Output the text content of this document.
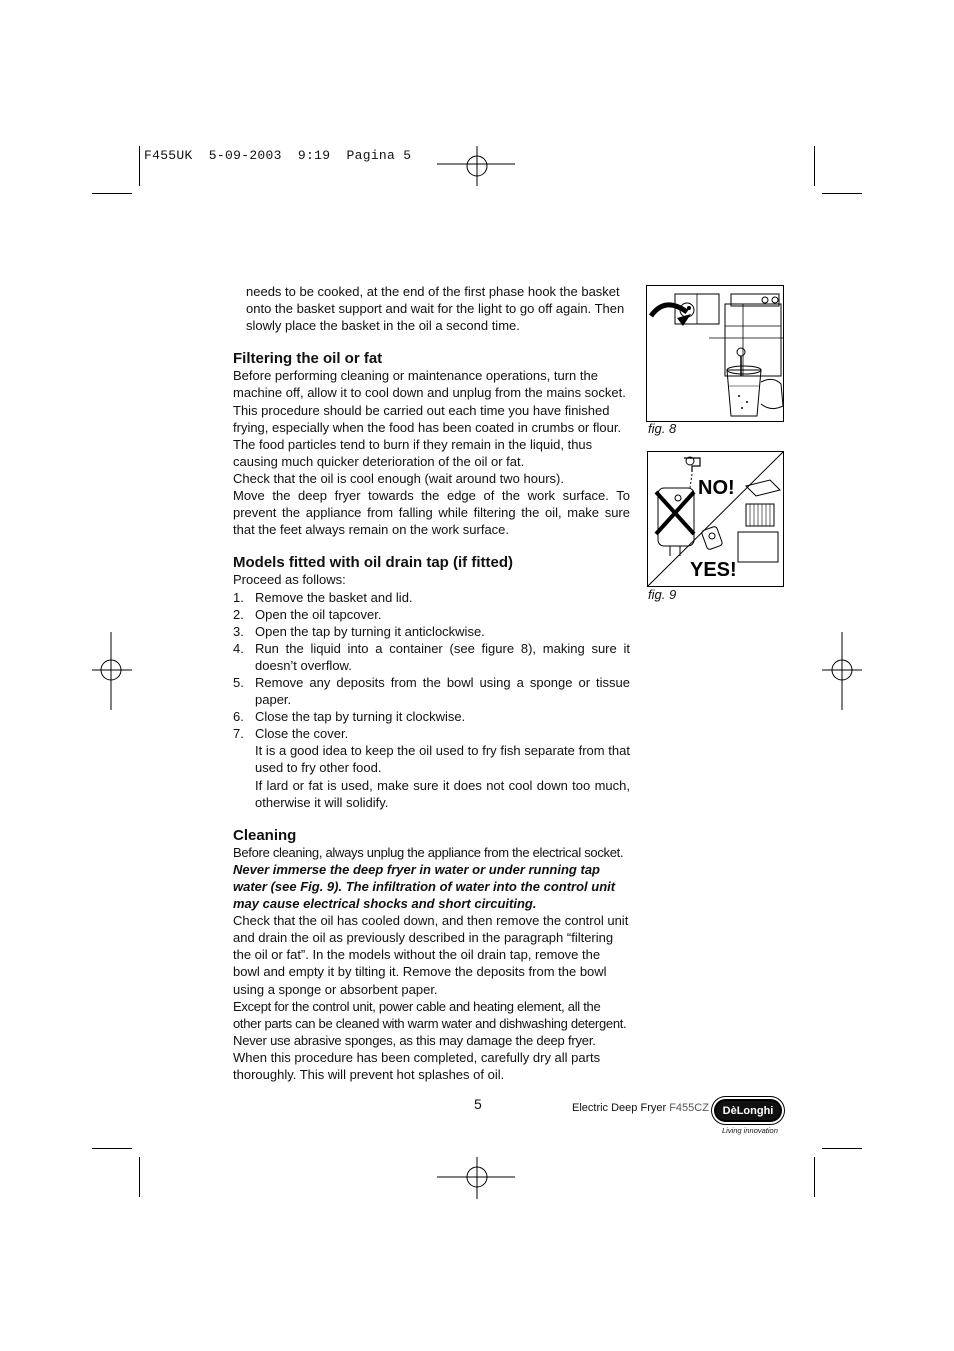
F455UK  5-09-2003  9:19  Pagina 5

needs to be cooked, at the end of the first phase hook the basket onto the basket support and wait for the light to go off again. Then slowly place the basket in the oil a second time.

Filtering the oil or fat

Before performing cleaning or maintenance operations, turn the machine off, allow it to cool down and unplug from the mains socket. This procedure should be carried out each time you have finished frying, especially when the food has been coated in crumbs or flour. The food particles tend to burn if they remain in the liquid, thus causing much quicker deterioration of the oil or fat.

Check that the oil is cool enough (wait around two hours).

Move the deep fryer towards the edge of the work surface. To prevent the appliance from falling while filtering the oil, make sure that the feet always remain on the work surface.

Models fitted with oil drain tap (if fitted)

Proceed as follows:

1. Remove the basket and lid.
2. Open the oil tapcover.
3. Open the tap by turning it anticlockwise.
4. Run the liquid into a container (see figure 8), making sure it doesn’t overflow.
5. Remove any deposits from the bowl using a sponge or tissue paper.
6. Close the tap by turning it clockwise.
7. Close the cover.
It is a good idea to keep the oil used to fry fish separate from that used to fry other food.
If lard or fat is used, make sure it does not cool down too much, otherwise it will solidify.
Cleaning

Before cleaning, always unplug the appliance from the electrical socket.

Never immerse the deep fryer in water or under running tap water (see Fig. 9). The infiltration of water into the control unit may cause electrical shocks and short circuiting.

Check that the oil has cooled down, and then remove the control unit and drain the oil as previously described in the paragraph “filtering the oil or fat”. In the models without the oil drain tap, remove the bowl and empty it by tilting it. Remove the deposits from the bowl using a sponge or absorbent paper.

Except for the control unit, power cable and heating element, all the other parts can be cleaned with warm water and dishwashing detergent.

Never use abrasive sponges, as this may damage the deep fryer.

When this procedure has been completed, carefully dry all parts thoroughly. This will prevent hot splashes of oil.

fig. 8
NO!
YES!
fig. 9
5	Electric Deep Fryer F455CZ DèLonghi
Living innovation
